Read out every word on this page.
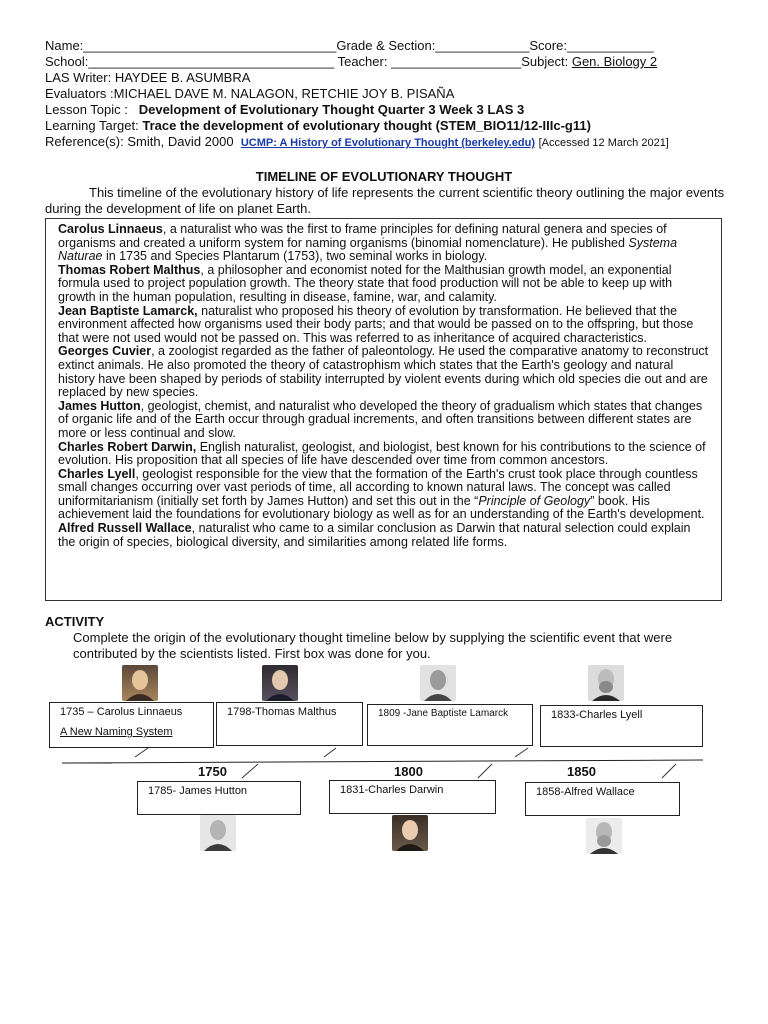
Name:___________________________________Grade & Section:_____________Score:____________
School:__________________________________ Teacher: __________________Subject: Gen. Biology 2
LAS Writer: HAYDEE B. ASUMBRA
Evaluators :MICHAEL DAVE M. NALAGON, RETCHIE JOY B. PISAÑA
Lesson Topic : Development of Evolutionary Thought Quarter 3 Week 3 LAS 3
Learning Target: Trace the development of evolutionary thought (STEM_BIO11/12-IIIc-g11)
Reference(s): Smith, David 2000 UCMP: A History of Evolutionary Thought (berkeley.edu) [Accessed 12 March 2021]
TIMELINE OF EVOLUTIONARY THOUGHT
This timeline of the evolutionary history of life represents the current scientific theory outlining the major events during the development of life on planet Earth.

Carolus Linnaeus, a naturalist who was the first to frame principles for defining natural genera and species of organisms and created a uniform system for naming organisms (binomial nomenclature). He published Systema Naturae in 1735 and Species Plantarum (1753), two seminal works in biology.

Thomas Robert Malthus, a philosopher and economist noted for the Malthusian growth model, an exponential formula used to project population growth. The theory state that food production will not be able to keep up with growth in the human population, resulting in disease, famine, war, and calamity.

Jean Baptiste Lamarck, naturalist who proposed his theory of evolution by transformation. He believed that the environment affected how organisms used their body parts; and that would be passed on to the offspring, but those that were not used would not be passed on. This was referred to as inheritance of acquired characteristics.

Georges Cuvier, a zoologist regarded as the father of paleontology. He used the comparative anatomy to reconstruct extinct animals. He also promoted the theory of catastrophism which states that the Earth's geology and natural history have been shaped by periods of stability interrupted by violent events during which old species die out and are replaced by new species.

James Hutton, geologist, chemist, and naturalist who developed the theory of gradualism which states that changes of organic life and of the Earth occur through gradual increments, and often transitions between different states are more or less continual and slow.

Charles Robert Darwin, English naturalist, geologist, and biologist, best known for his contributions to the science of evolution. His proposition that all species of life have descended over time from common ancestors.

Charles Lyell, geologist responsible for the view that the formation of the Earth's crust took place through countless small changes occurring over vast periods of time, all according to known natural laws. The concept was called uniformitarianism (initially set forth by James Hutton) and set this out in the “Principle of Geology” book. His achievement laid the foundations for evolutionary biology as well as for an understanding of the Earth's development.

Alfred Russell Wallace, naturalist who came to a similar conclusion as Darwin that natural selection could explain the origin of species, biological diversity, and similarities among related life forms.

ACTIVITY
Complete the origin of the evolutionary thought timeline below by supplying the scientific event that were contributed by the scientists listed. First box was done for you.
1750	1800	1850
1735 – Carolus Linnaeus
A New Naming System
1798-Thomas Malthus	1809 -Jane Baptiste Lamarck	1833-Charles Lyell
1785- James Hutton	1831-Charles Darwin	1858-Alfred Wallace
